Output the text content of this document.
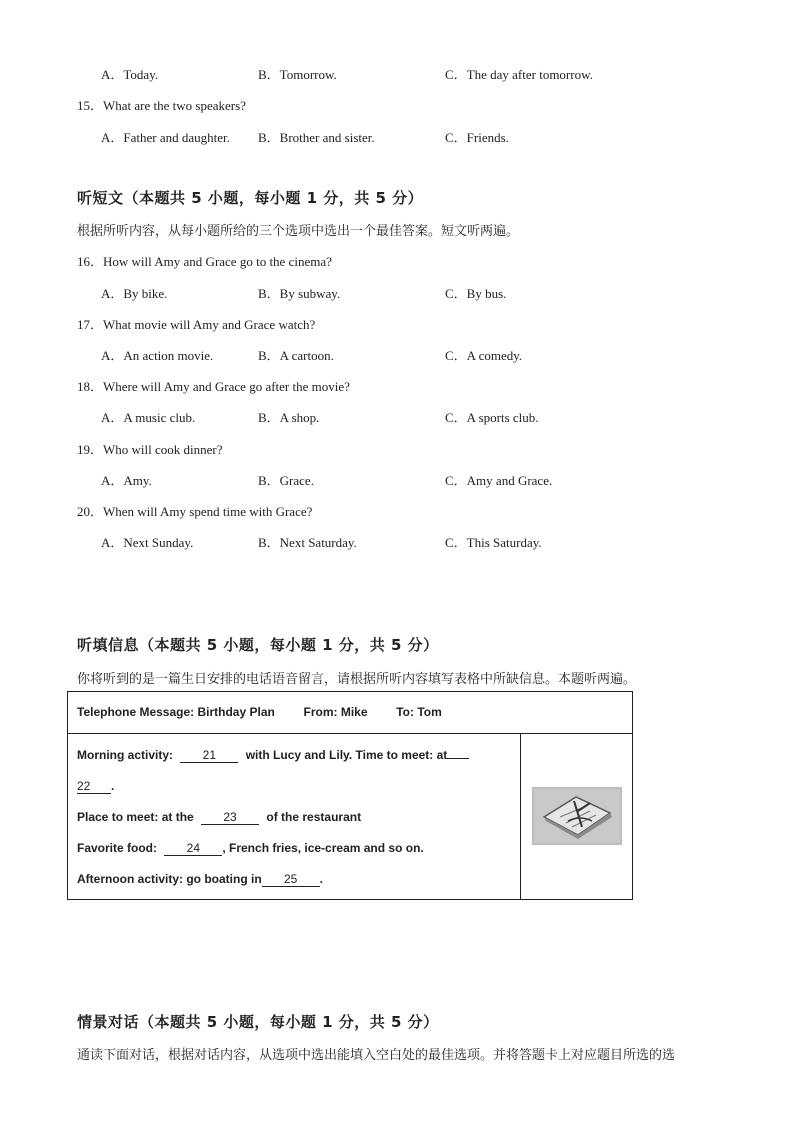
A．Today.	B．Tomorrow.	C．The day after tomorrow.
15．What are the two speakers?
A．Father and daughter. B．Brother and sister.	C．Friends.
听短文（本题共 5 小题，每小题 1 分，共 5 分）
根据所听内容，从每小题所给的三个选项中选出一个最佳答案。短文听两遍。
16．How will Amy and Grace go to the cinema?
A．By bike.	B．By subway.	C．By bus.
17．What movie will Amy and Grace watch?
A．An action movie.	B．A cartoon.	C．A comedy.
18．Where will Amy and Grace go after the movie?
A．A music club.	B．A shop.	C．A sports club.
19．Who will cook dinner?
A．Amy.	B．Grace.	C．Amy and Grace.
20．When will Amy spend time with Grace?
A．Next Sunday.	B．Next Saturday.	C．This Saturday.
听填信息（本题共 5 小题，每小题 1 分，共 5 分）
你将听到的是一篇生日安排的电话语音留言，请根据所听内容填写表格中所缺信息。本题听两遍。
Telephone Message: Birthday Plan From: Mike To: Tom
Morning activity: 21 with Lucy and Lily. Time to meet: at
22 .
Place to meet: at the 23 of the restaurant
Favorite food: 24 , French fries, ice-cream and so on.
Afternoon activity: go boating in 25 .
情景对话（本题共 5 小题，每小题 1 分，共 5 分）
通读下面对话，根据对话内容，从选项中选出能填入空白处的最佳选项。并将答题卡上对应题目所选的选
